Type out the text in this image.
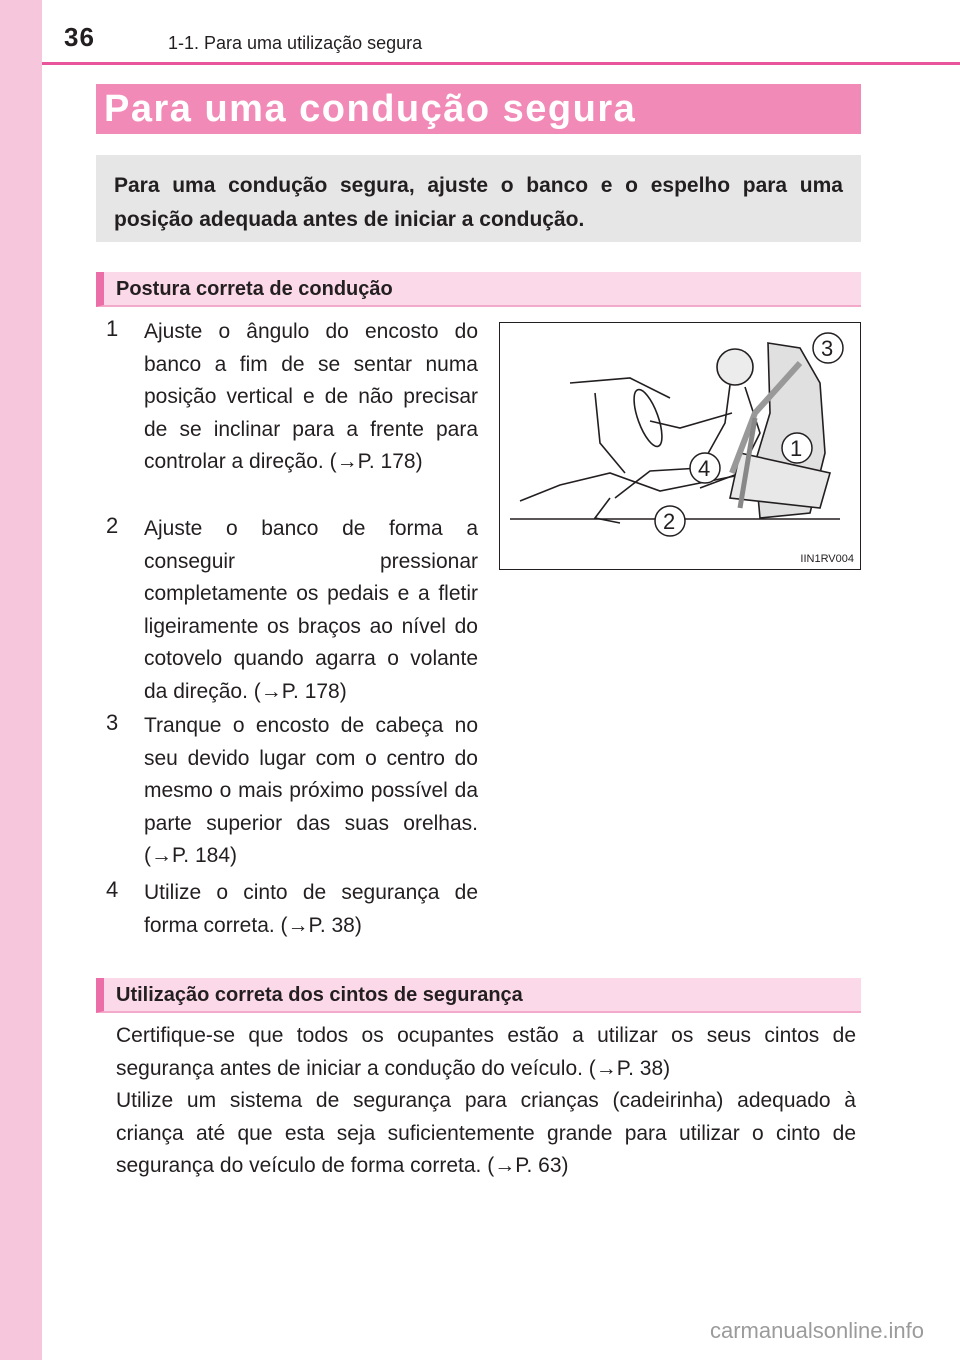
36	1-1. Para uma utilização segura
Para uma condução segura
Para uma condução segura, ajuste o banco e o espelho para uma posição adequada antes de iniciar a condução.
Postura correta de condução
1 Ajuste o ângulo do encosto do banco a fim de se sentar numa posição vertical e de não precisar de se inclinar para a frente para controlar a direção. (→P. 178)
2 Ajuste o banco de forma a conseguir pressionar completamente os pedais e a fletir ligeiramente os braços ao nível do cotovelo quando agarra o volante da direção. (→P. 178)
3 Tranque o encosto de cabeça no seu devido lugar com o centro do mesmo o mais próximo possível da parte superior das suas orelhas. (→P. 184)
4 Utilize o cinto de segurança de forma correta. (→P. 38)
3
1
4
2
IIN1RV004
Utilização correta dos cintos de segurança
Certifique-se que todos os ocupantes estão a utilizar os seus cintos de segurança antes de iniciar a condução do veículo. (→P. 38)
Utilize um sistema de segurança para crianças (cadeirinha) adequado à criança até que esta seja suficientemente grande para utilizar o cinto de segurança do veículo de forma correta. (→P. 63)
carmanualsonline.info
